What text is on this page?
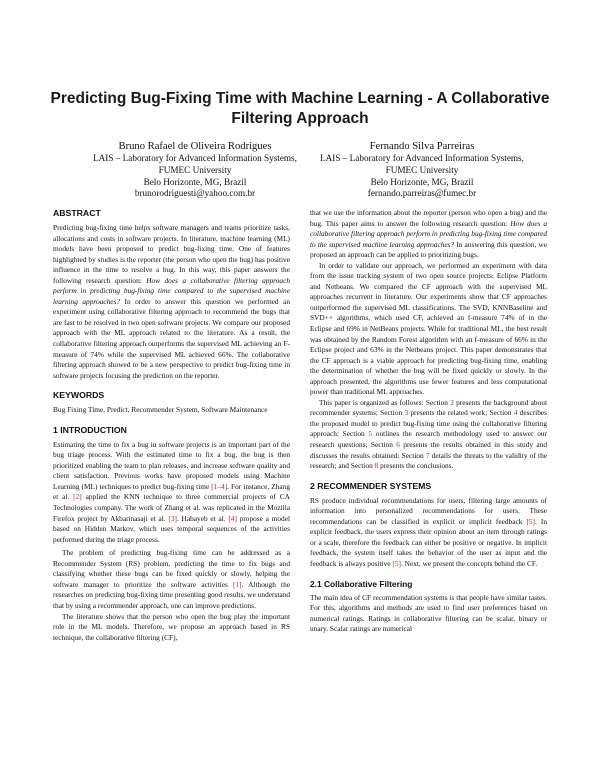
Predicting Bug-Fixing Time with Machine Learning - A Collaborative Filtering Approach
Bruno Rafael de Oliveira Rodrigues
LAIS – Laboratory for Advanced Information Systems,
FUMEC University
Belo Horizonte, MG, Brazil
brunorodriguesti@yahoo.com.br
Fernando Silva Parreiras
LAIS – Laboratory for Advanced Information Systems,
FUMEC University
Belo Horizonte, MG, Brazil
fernando.parreiras@fumec.br
ABSTRACT

Predicting bug-fixing time helps software managers and teams prioritize tasks, allocations and costs in software projects. In literature, machine learning (ML) models have been proposed to predict bug-fixing time. One of features highlighted by studies is the reporter (the person who open the bug) has positive influence in the time to resolve a bug. In this way, this paper answers the following research question: How does a collaborative filtering approach perform in predicting bug-fixing time compared to the supervised machine learning approaches? In order to answer this question we performed an experiment using collaborative filtering approach to recommend the bugs that are fast to be resolved in two open software projects. We compare our proposed approach with the ML approach related to the literature. As a result, the collaborative filtering approach outperforms the supervised ML achieving an F-measure of 74% while the supervised ML achieved 66%. The collaborative filtering approach showed to be a new perspective to predict bug-fixing time in software projects focusing the prediction on the reporter.

KEYWORDS

Bug Fixing Time, Predict, Recommender System, Software Maintenance

1 INTRODUCTION

Estimating the time to fix a bug in software projects is an important part of the bug triage process. With the estimated time to fix a bug, the bug is then prioritized enabling the team to plan releases, and increase software quality and client satisfaction. Previous works have proposed models using Machine Learning (ML) techniques to predict bug-fixing time [1–4]. For instance, Zhang et al. [2] applied the KNN technique to three commercial projects of CA Technologies company. The work of Zhang et al. was replicated in the Mozilla Firefox project by Akbarinasaji et al. [3]. Habayeb et al. [4] propose a model based on Hidden Markov, which uses temporal sequences of the activities performed during the triage process.

The problem of predicting bug-fixing time can be addressed as a Recommender System (RS) problem, predicting the time to fix bugs and classifying whether these bugs can be fixed quickly or slowly, helping the software manager to prioritize the software activities [1]. Although the researches on predicting bug-fixing time presenting good results, we understand that by using a recommender approach, one can improve predictions.

The literature shows that the person who open the bug play the important role in the ML models. Therefore, we propose an approach based in RS technique, the collaborative filtering (CF),

that we use the information about the reporter (person who open a bug) and the bug. This paper aims to answer the following research question: How does a collaborative filtering approach perform in predicting bug-fixing time compared to the supervised machine learning approaches? In answering this question, we proposed an approach can be applied to prioritizing bugs.

In order to validate our approach, we performed an experiment with data from the issue tracking system of two open source projects: Eclipse Platform and Netbeans. We compared the CF approach with the supervised ML approaches recurrent in literature. Our experiments show that CF approaches outperformed the supervised ML classifications. The SVD, KNNBaseline and SVD++ algorithms, which used CF, achieved an f-measure 74% of in the Eclipse and 69% in NetBeans projects. While for traditional ML, the best result was obtained by the Random Forest algorithm with an f-measure of 66% in the Eclipse project and 63% in the Netbeans project. This paper demonstrates that the CF approach is a viable approach for predicting bug-fixing time, enabling the determination of whether the bug will be fixed quickly or slowly. In the approach presented, the algorithms use fewer features and less computational power than traditional ML approaches.

This paper is organized as follows: Section 2 presents the background about recommender systems; Section 3 presents the related work; Section 4 describes the proposed model to predict bug-fixing time using the collaborative filtering approach; Section 5 outlines the research methodology used to answer our research questions; Section 6 presents the results obtained in this study and discusses the results obtained; Section 7 details the threats to the validity of the research; and Section 8 presents the conclusions.

2 RECOMMENDER SYSTEMS

RS produce individual recommendations for users, filtering large amounts of information into personalized recommendations for users. These recommendations can be classified in explicit or implicit feedback [5]. In explicit feedback, the users express their opinion about an item through ratings or a scale, therefore the feedback can either be positive or negative. In implicit feedback, the system itself takes the behavior of the user as input and the feedback is always positive [5]. Next, we present the concepts behind the CF.

2.1 Collaborative Filtering

The main idea of CF recommendation systems is that people have similar tastes. For this, algorithms and methods are used to find user preferences based on numerical ratings. Ratings in collaborative filtering can be scalar, binary or unary. Scalar ratings are numerical
